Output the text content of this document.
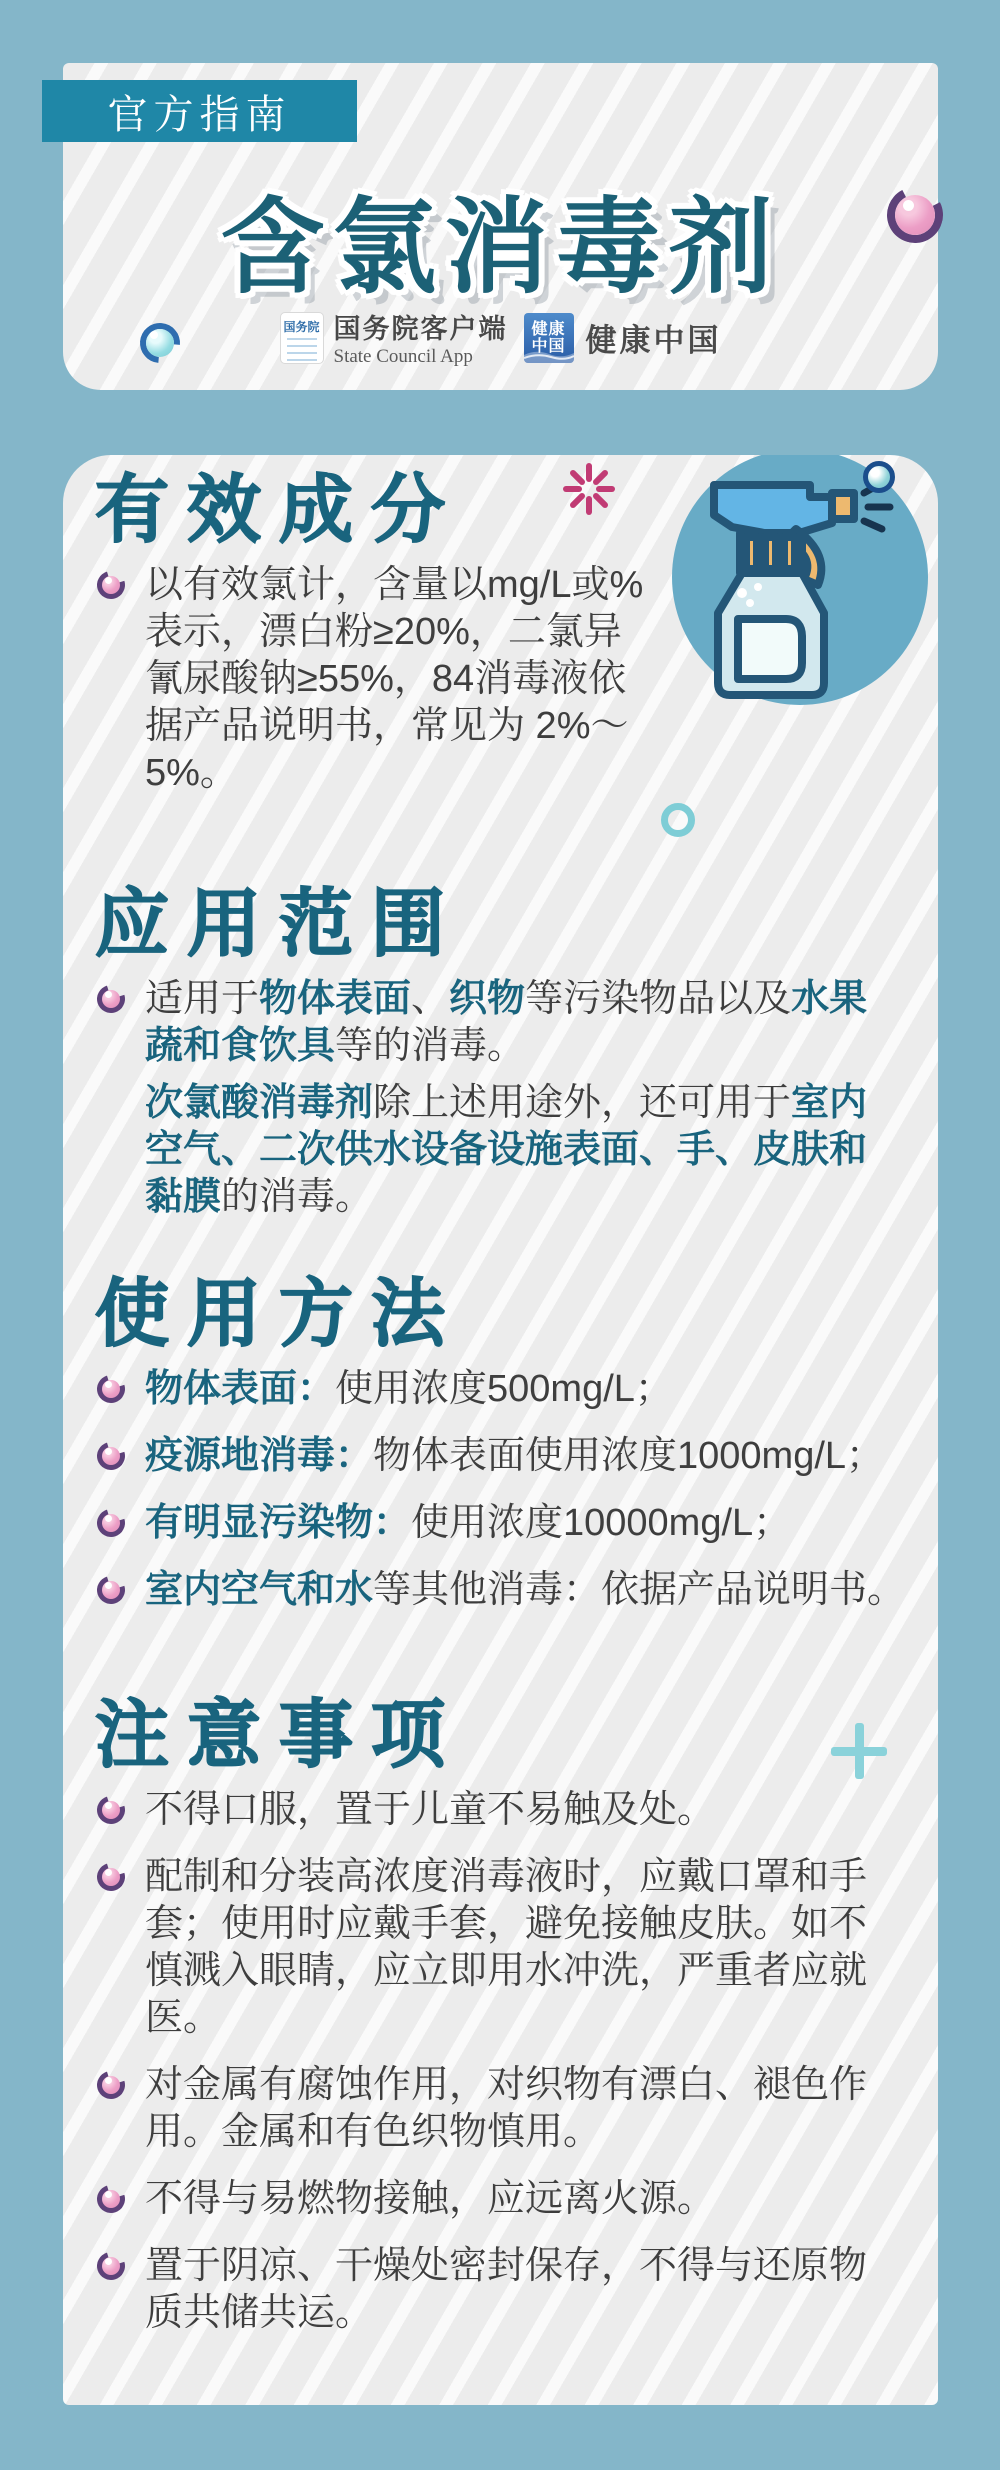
含氯消毒剂
国务院 国务院客户端
State Council App
健康
中国 健康中国
官方指南
有效成分

以有效氯计，含量以mg/L或%
表示，漂白粉≥20%，二氯异
氰尿酸钠≥55%，84消毒液依
据产品说明书，常见为 2%～5%。

应用范围

适用于物体表面、织物等污染物品以及水果
蔬和食饮具等的消毒。

次氯酸消毒剂除上述用途外，还可用于室内
空气、二次供水设备设施表面、手、皮肤和
黏膜的消毒。

使用方法

物体表面：使用浓度500mg/L；

疫源地消毒：物体表面使用浓度1000mg/L；

有明显污染物：使用浓度10000mg/L；

室内空气和水等其他消毒：依据产品说明书。

注意事项

不得口服，置于儿童不易触及处。

配制和分装高浓度消毒液时，应戴口罩和手
套；使用时应戴手套，避免接触皮肤。如不
慎溅入眼睛，应立即用水冲洗，严重者应就
医。

对金属有腐蚀作用，对织物有漂白、褪色作
用。金属和有色织物慎用。

不得与易燃物接触，应远离火源。

置于阴凉、干燥处密封保存，不得与还原物
质共储共运。
